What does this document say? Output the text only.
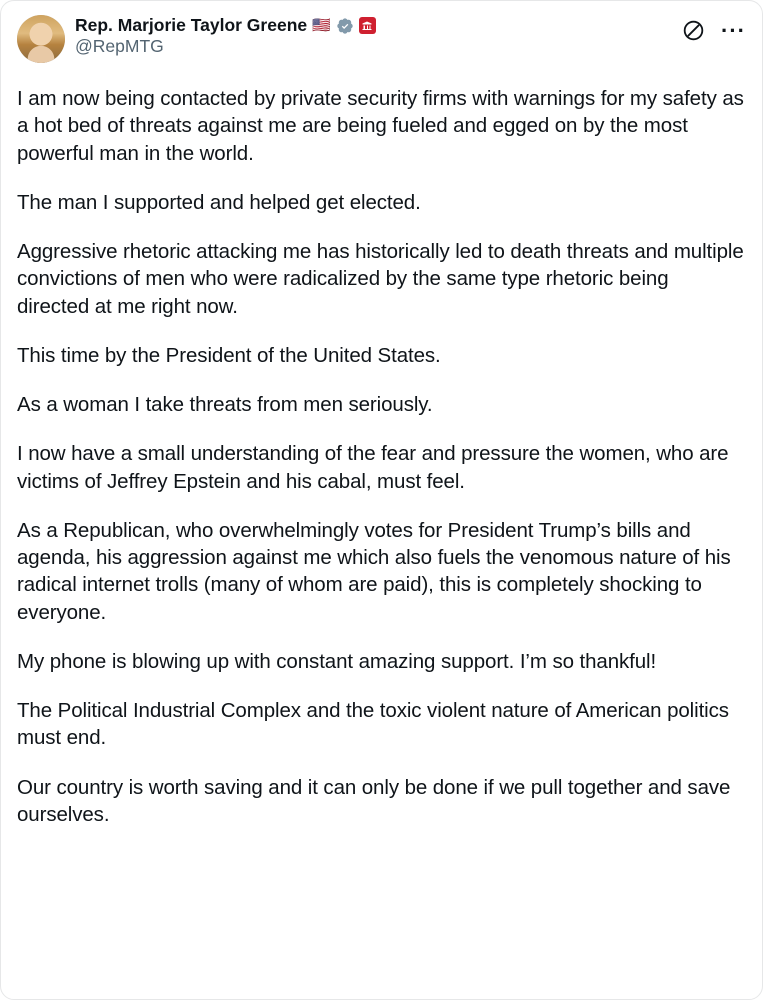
Rep. Marjorie Taylor Greene 🇺🇸
@RepMTG
···

I am now being contacted by private security firms with warnings for my safety as a hot bed of threats against me are being fueled and egged on by the most powerful man in the world.

The man I supported and helped get elected.

Aggressive rhetoric attacking me has historically led to death threats and multiple convictions of men who were radicalized by the same type rhetoric being directed at me right now.

This time by the President of the United States.

As a woman I take threats from men seriously.

I now have a small understanding of the fear and pressure the women, who are victims of Jeffrey Epstein and his cabal, must feel.

As a Republican, who overwhelmingly votes for President Trump’s bills and agenda, his aggression against me which also fuels the venomous nature of his radical internet trolls (many of whom are paid), this is completely shocking to everyone.

My phone is blowing up with constant amazing support. I’m so thankful!

The Political Industrial Complex and the toxic violent nature of American politics must end.

Our country is worth saving and it can only be done if we pull together and save ourselves.
